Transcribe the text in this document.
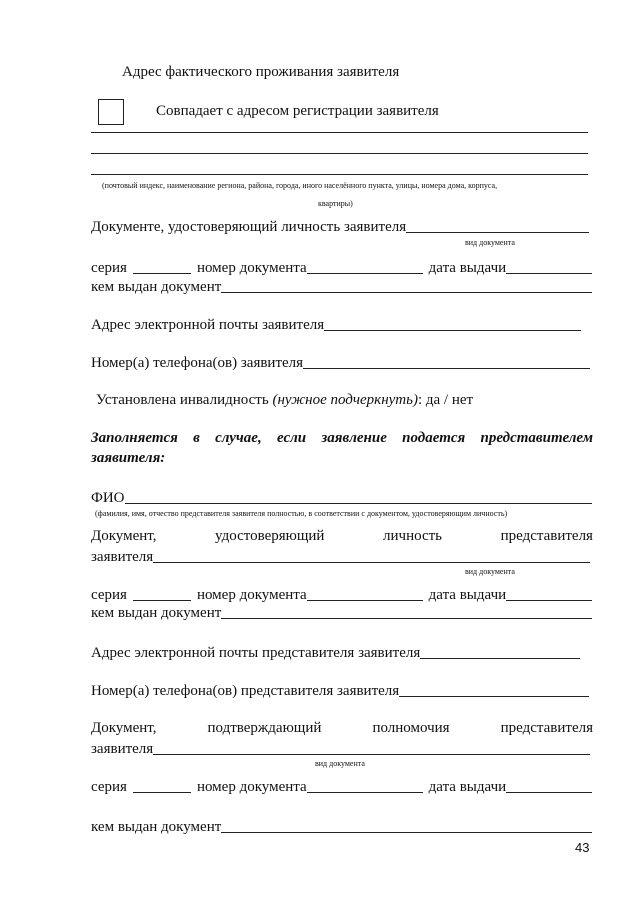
Адрес фактического проживания заявителя
Совпадает с адресом регистрации заявителя
(почтовый индекс, наименование региона, района, города, иного населённого пункта, улицы, номера дома, корпуса,
квартиры)
Документе, удостоверяющий личность заявителя
вид документа
серия	номер документа	дата выдачи
кем выдан документ
Адрес электронной почты заявителя
Номер(а) телефона(ов) заявителя
Установлена инвалидность (нужное подчеркнуть): да / нет
Заполняется в случае, если заявление подается представителем
заявителя:
ФИО
(фамилия, имя, отчество представителя заявителя полностью, в соответствии с документом, удостоверяющим личность)
Документ,	удостоверяющий	личность	представителя
заявителя
вид документа
серия	номер документа	дата выдачи
кем выдан документ
Адрес электронной почты представителя заявителя
Номер(а) телефона(ов) представителя заявителя
Документ,	подтверждающий	полномочия	представителя
заявителя
вид документа
серия	номер документа	дата выдачи
кем выдан документ
43
